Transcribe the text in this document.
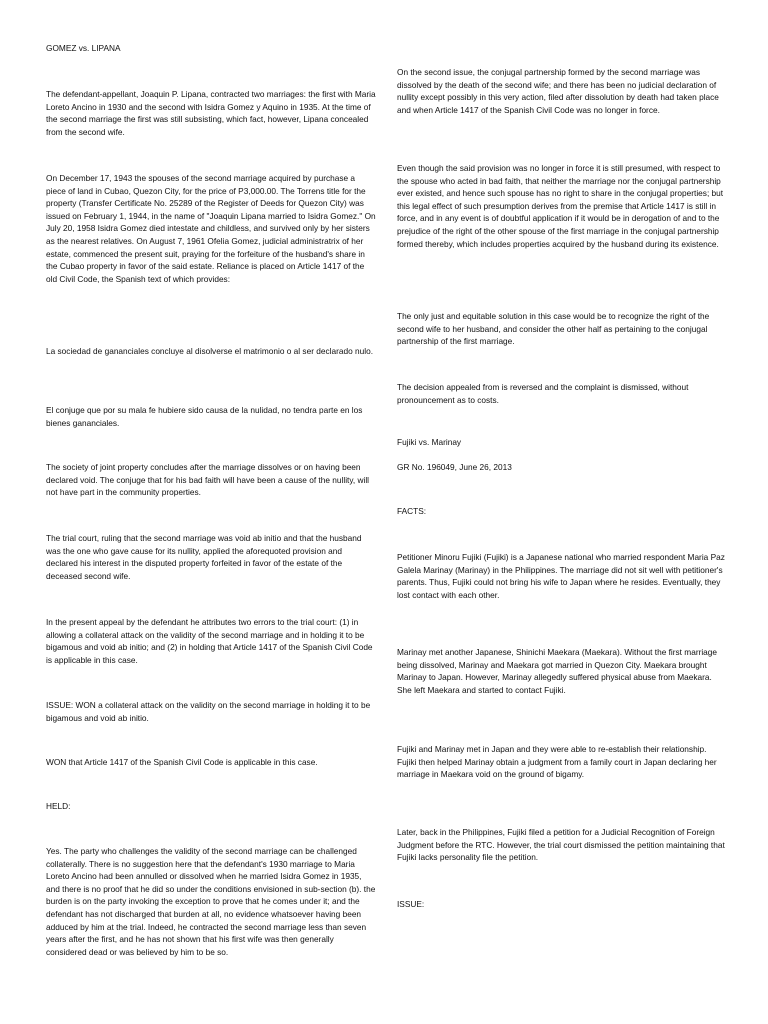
GOMEZ vs. LIPANA

The defendant-appellant, Joaquin P. Lipana, contracted two marriages: the first with Maria Loreto Ancino in 1930 and the second with Isidra Gomez y Aquino in 1935. At the time of the second marriage the first was still subsisting, which fact, however, Lipana concealed from the second wife.

On December 17, 1943 the spouses of the second marriage acquired by purchase a piece of land in Cubao, Quezon City, for the price of P3,000.00. The Torrens title for the property (Transfer Certificate No. 25289 of the Register of Deeds for Quezon City) was issued on February 1, 1944, in the name of "Joaquin Lipana married to Isidra Gomez." On July 20, 1958 Isidra Gomez died intestate and childless, and survived only by her sisters as the nearest relatives. On August 7, 1961 Ofelia Gomez, judicial administratrix of her estate, commenced the present suit, praying for the forfeiture of the husband's share in the Cubao property in favor of the said estate. Reliance is placed on Article 1417 of the old Civil Code, the Spanish text of which provides:

La sociedad de gananciales concluye al disolverse el matrimonio o al ser declarado nulo.

El conjuge que por su mala fe hubiere sido causa de la nulidad, no tendra parte en los bienes gananciales.

The society of joint property concludes after the marriage dissolves or on having been declared void. The conjuge that for his bad faith will have been a cause of the nullity, will not have part in the community properties.

The trial court, ruling that the second marriage was void ab initio and that the husband was the one who gave cause for its nullity, applied the aforequoted provision and declared his interest in the disputed property forfeited in favor of the estate of the deceased second wife.

In the present appeal by the defendant he attributes two errors to the trial court: (1) in allowing a collateral attack on the validity of the second marriage and in holding it to be bigamous and void ab initio; and (2) in holding that Article 1417 of the Spanish Civil Code is applicable in this case.

ISSUE: WON a collateral attack on the validity on the second marriage in holding it to be bigamous and void ab initio.

WON that Article 1417 of the Spanish Civil Code is applicable in this case.

HELD:

Yes. The party who challenges the validity of the second marriage can be challenged collaterally. There is no suggestion here that the defendant's 1930 marriage to Maria Loreto Ancino had been annulled or dissolved when he married Isidra Gomez in 1935, and there is no proof that he did so under the conditions envisioned in sub-section (b). the burden is on the party invoking the exception to prove that he comes under it; and the defendant has not discharged that burden at all, no evidence whatsoever having been adduced by him at the trial. Indeed, he contracted the second marriage less than seven years after the first, and he has not shown that his first wife was then generally considered dead or was believed by him to be so.

On the second issue, the conjugal partnership formed by the second marriage was dissolved by the death of the second wife; and there has been no judicial declaration of nullity except possibly in this very action, filed after dissolution by death had taken place and when Article 1417 of the Spanish Civil Code was no longer in force.

Even though the said provision was no longer in force it is still presumed, with respect to the spouse who acted in bad faith, that neither the marriage nor the conjugal partnership ever existed, and hence such spouse has no right to share in the conjugal properties; but this legal effect of such presumption derives from the premise that Article 1417 is still in force, and in any event is of doubtful application if it would be in derogation of and to the prejudice of the right of the other spouse of the first marriage in the conjugal partnership formed thereby, which includes properties acquired by the husband during its existence.

The only just and equitable solution in this case would be to recognize the right of the second wife to her husband, and consider the other half as pertaining to the conjugal partnership of the first marriage.

The decision appealed from is reversed and the complaint is dismissed, without pronouncement as to costs.

Fujiki vs. Marinay

GR No. 196049, June 26, 2013

FACTS:

Petitioner Minoru Fujiki (Fujiki) is a Japanese national who married respondent Maria Paz Galela Marinay (Marinay) in the Philippines. The marriage did not sit well with petitioner's parents. Thus, Fujiki could not bring his wife to Japan where he resides. Eventually, they lost contact with each other.

Marinay met another Japanese, Shinichi Maekara (Maekara). Without the first marriage being dissolved, Marinay and Maekara got married in Quezon City. Maekara brought Marinay to Japan. However, Marinay allegedly suffered physical abuse from Maekara. She left Maekara and started to contact Fujiki.

Fujiki and Marinay met in Japan and they were able to re-establish their relationship. Fujiki then helped Marinay obtain a judgment from a family court in Japan declaring her marriage in Maekara void on the ground of bigamy.

Later, back in the Philippines, Fujiki filed a petition for a Judicial Recognition of Foreign Judgment before the RTC. However, the trial court dismissed the petition maintaining that Fujiki lacks personality file the petition.

ISSUE:
